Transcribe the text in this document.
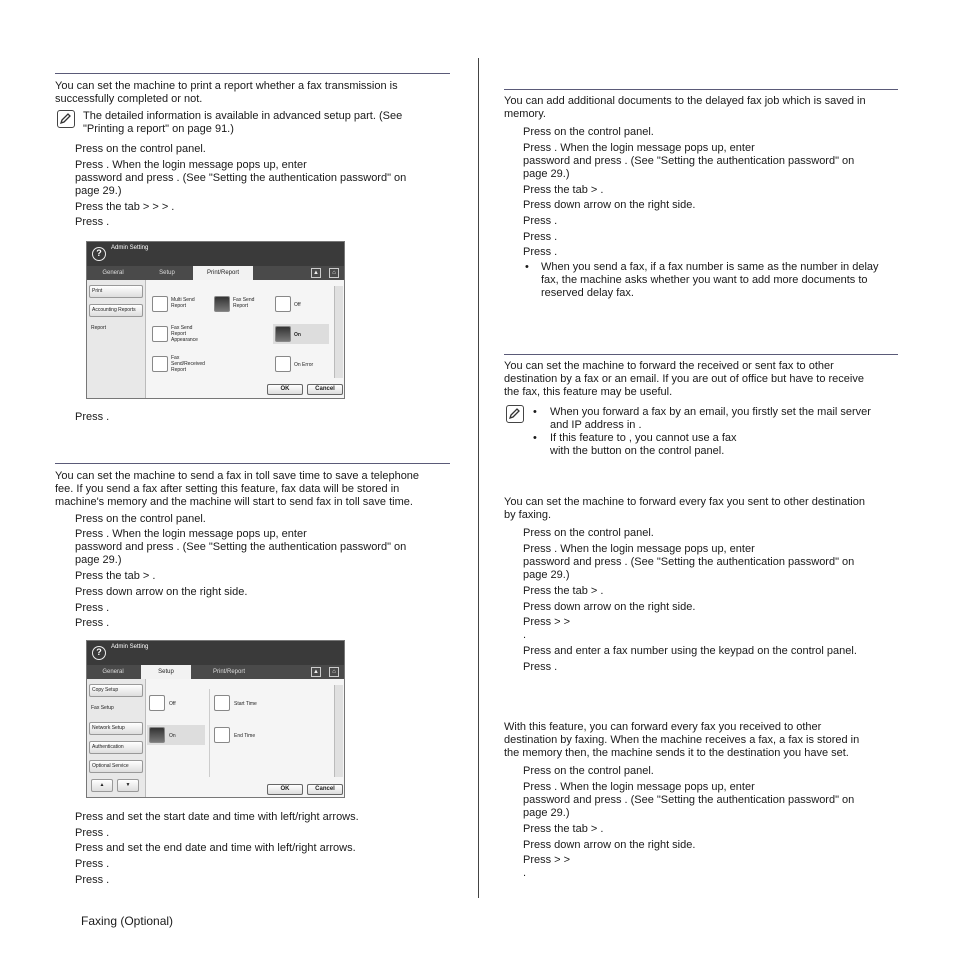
You can set the machine to print a report whether a fax transmission is
successfully completed or not.
The detailed information is available in advanced setup part. (See
"Printing a report" on page 91.)
Press on the control panel.
Press . When the login message pops up, enter
password and press . (See "Setting the authentication password" on
page 29.)
Press the tab > > > .
Press .
?	Admin Setting
General	Setup	Print/Report	▲	⌂
Print
Accounting Reports
Report
Multi Send
Report
Fax Send
Report
Fax Send
Report
Appearance
Fax
Send/Received
Report
Off
On
On Error
OK	Cancel
Press .
You can set the machine to send a fax in toll save time to save a telephone
fee. If you send a fax after setting this feature, fax data will be stored in
machine's memory and the machine will start to send fax in toll save time.
Press on the control panel.
Press . When the login message pops up, enter
password and press . (See "Setting the authentication password" on
page 29.)
Press the tab > .
Press down arrow on the right side.
Press .
Press .
?	Admin Setting
General	Setup	Print/Report	▲	⌂
Copy Setup
Fax Setup
Network Setup
Authentication
Optional Service
▲	▼
Off
On
Start Time
End Time
OK	Cancel
Press and set the start date and time with left/right arrows.
Press .
Press and set the end date and time with left/right arrows.
Press .
Press .
You can add additional documents to the delayed fax job which is saved in
memory.
Press on the control panel.
Press . When the login message pops up, enter
password and press . (See "Setting the authentication password" on
page 29.)
Press the tab > .
Press down arrow on the right side.
Press .
Press .
Press .
• When you send a fax, if a fax number is same as the number in delay
fax, the machine asks whether you want to add more documents to
reserved delay fax.
You can set the machine to forward the received or sent fax to other
destination by a fax or an email. If you are out of office but have to receive
the fax, this feature may be useful.
• When you forward a fax by an email, you firstly set the mail server
and IP address in .
• If this feature to , you cannot use a fax
with the button on the control panel.
You can set the machine to forward every fax you sent to other destination
by faxing.
Press on the control panel.
Press . When the login message pops up, enter
password and press . (See "Setting the authentication password" on
page 29.)
Press the tab > .
Press down arrow on the right side.
Press > >
.
Press and enter a fax number using the keypad on the control panel.
Press .
With this feature, you can forward every fax you received to other
destination by faxing. When the machine receives a fax, a fax is stored in
the memory then, the machine sends it to the destination you have set.
Press on the control panel.
Press . When the login message pops up, enter
password and press . (See "Setting the authentication password" on
page 29.)
Press the tab > .
Press down arrow on the right side.
Press > >
.
Faxing (Optional)
